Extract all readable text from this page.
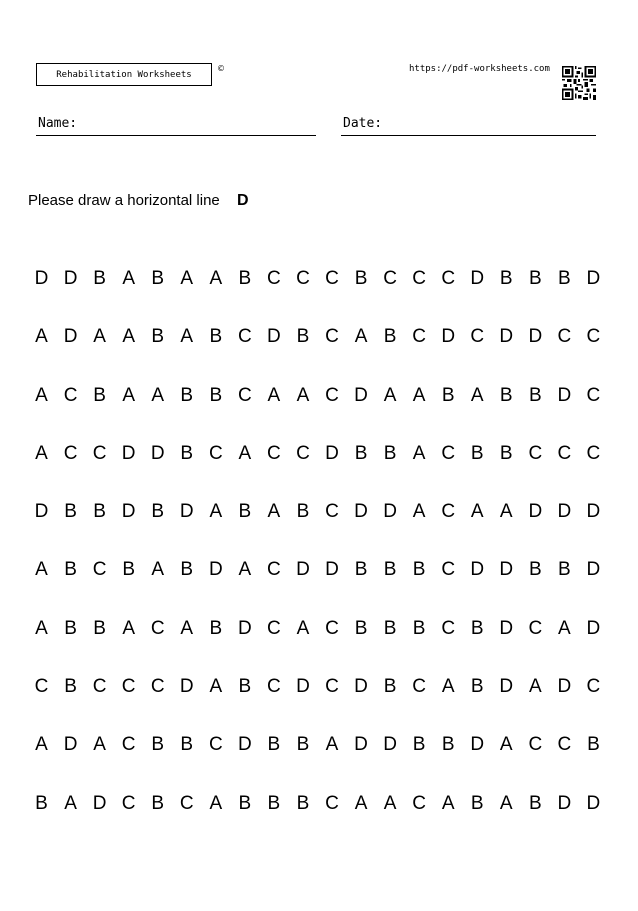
Rehabilitation Worksheets
©	https://pdf-worksheets.com
Name:	Date:
Please draw a horizontal line	D
D D B A B A A B C C C B C C C D B B B D
A D A A B A B C D B C A B C D C D D C C
A C B A A B B C A A C D A A B A B B D C
A C C D D B C A C C D B B A C B B C C C
D B B D B D A B A B C D D A C A A D D D
A B C B A B D A C D D B B B C D D B B D
A B B A C A B D C A C B B B C B D C A D
C B C C C D A B C D C D B C A B D A D C
A D A C B B C D B B A D D B B D A C C B
B A D C B C A B B B C A A C A B A B D D
